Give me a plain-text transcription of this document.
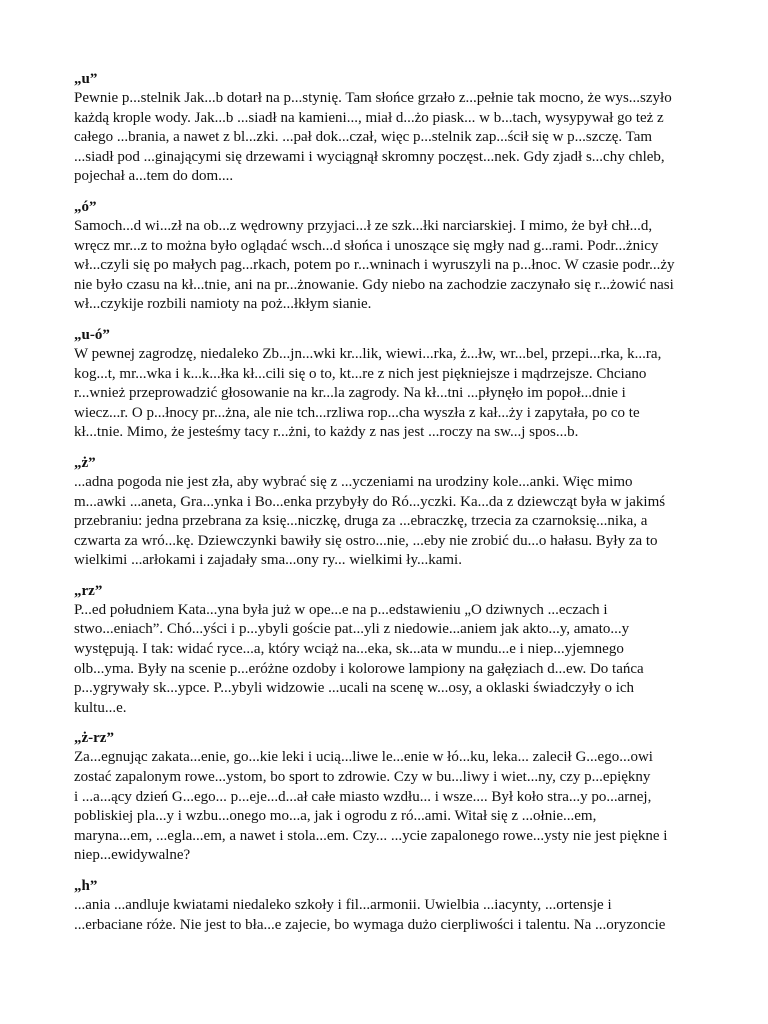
„u”
Pewnie p...stelnik Jak...b dotarł na p...stynię. Tam słońce grzało z...pełnie tak mocno, że wys...szyło
każdą krople wody. Jak...b ...siadł na kamieni..., miał d...żo piask... w b...tach, wysypywał go też z
całego ...brania, a nawet z bl...zki. ...pał dok...czał, więc p...stelnik zap...ścił się w p...szczę. Tam
...siadł pod ...ginającymi się drzewami i wyciągnął skromny poczęst...nek. Gdy zjadł s...chy chleb,
pojechał a...tem do dom....
„ó”
Samoch...d wi...zł na ob...z wędrowny przyjaci...ł ze szk...łki narciarskiej. I mimo, że był chł...d,
wręcz mr...z to można było oglądać wsch...d słońca i unoszące się mgły nad g...rami. Podr...żnicy
wł...czyli się po małych pag...rkach, potem po r...wninach i wyruszyli na p...łnoc. W czasie podr...ży
nie było czasu na kł...tnie, ani na pr...żnowanie. Gdy niebo na zachodzie zaczynało się r...żowić nasi
wł...czykije rozbili namioty na poż...łkłym sianie.
„u-ó”
W pewnej zagrodzę, niedaleko Zb...jn...wki kr...lik, wiewi...rka, ż...łw, wr...bel, przepi...rka, k...ra,
kog...t, mr...wka i k...k...łka kł...cili się o to, kt...re z nich jest piękniejsze i mądrzejsze. Chciano
r...wnież przeprowadzić głosowanie na kr...la zagrody. Na kł...tni ...płynęło im popoł...dnie i
wiecz...r. O p...łnocy pr...żna, ale nie tch...rzliwa rop...cha wyszła z kał...ży i zapytała, po co te
kł...tnie. Mimo, że jesteśmy tacy r...żni, to każdy z nas jest ...roczy na sw...j spos...b.
„ż”
...adna pogoda nie jest zła, aby wybrać się z ...yczeniami na urodziny kole...anki. Więc mimo
m...awki ...aneta, Gra...ynka i Bo...enka przybyły do Ró...yczki. Ka...da z dziewcząt była w jakimś
przebraniu: jedna przebrana za księ...niczkę, druga za ...ebraczkę, trzecia za czarnoksię...nika, a
czwarta za wró...kę. Dziewczynki bawiły się ostro...nie, ...eby nie zrobić du...o hałasu. Były za to
wielkimi ...arłokami i zajadały sma...ony ry... wielkimi ły...kami.
„rz”
P...ed południem Kata...yna była już w ope...e na p...edstawieniu „O dziwnych ...eczach i
stwo...eniach”. Chó...yści i p...ybyli goście pat...yli z niedowie...aniem jak akto...y, amato...y
występują. I tak: widać ryce...a, który wciąż na...eka, sk...ata w mundu...e i niep...yjemnego
olb...yma. Były na scenie p...eróżne ozdoby i kolorowe lampiony na gałęziach d...ew. Do tańca
p...ygrywały sk...ypce. P...ybyli widzowie ...ucali na scenę w...osy, a oklaski świadczyły o ich
kultu...e.
„ż-rz”
Za...egnując zakata...enie, go...kie leki i ucią...liwe le...enie w łó...ku, leka... zalecił G...ego...owi
zostać zapalonym rowe...ystom, bo sport to zdrowie. Czy w bu...liwy i wiet...ny, czy p...epiękny
i ...a...ący dzień G...ego... p...eje...d...ał całe miasto wzdłu... i wsze.... Był koło stra...y po...arnej,
pobliskiej pla...y i wzbu...onego mo...a, jak i ogrodu z ró...ami. Witał się z ...ołnie...em,
maryna...em, ...egla...em, a nawet i stola...em. Czy... ...ycie zapalonego rowe...ysty nie jest piękne i
niep...ewidywalne?
„h”
...ania ...andluje kwiatami niedaleko szkoły i fil...armonii. Uwielbia ...iacynty, ...ortensje i
...erbaciane róże. Nie jest to bła...e zajecie, bo wymaga dużo cierpliwości i talentu. Na ...oryzoncie
